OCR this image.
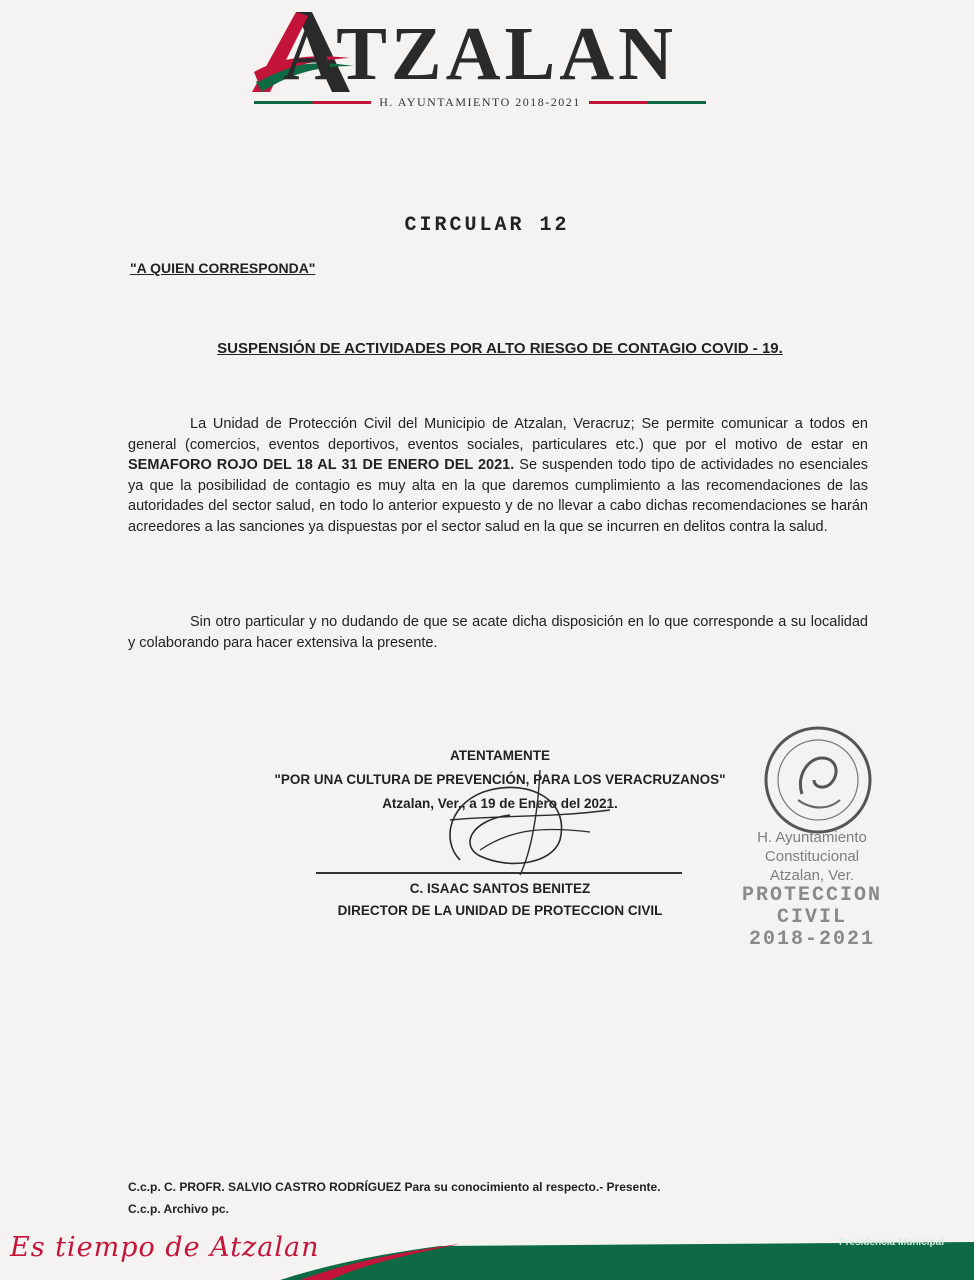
ATZALAN
H. AYUNTAMIENTO 2018-2021
CIRCULAR 12
"A QUIEN CORRESPONDA"
SUSPENSIÓN DE ACTIVIDADES POR ALTO RIESGO DE CONTAGIO COVID - 19.
La Unidad de Protección Civil del Municipio de Atzalan, Veracruz; Se permite comunicar a todos en general (comercios, eventos deportivos, eventos sociales, particulares etc.) que por el motivo de estar en SEMAFORO ROJO DEL 18 AL 31 DE ENERO DEL 2021. Se suspenden todo tipo de actividades no esenciales ya que la posibilidad de contagio es muy alta en la que daremos cumplimiento a las recomendaciones de las autoridades del sector salud, en todo lo anterior expuesto y de no llevar a cabo dichas recomendaciones se harán acreedores a las sanciones ya dispuestas por el sector salud en la que se incurren en delitos contra la salud.
Sin otro particular y no dudando de que se acate dicha disposición en lo que corresponde a su localidad y colaborando para hacer extensiva la presente.
ATENTAMENTE
"POR UNA CULTURA DE PREVENCIÓN, PARA LOS VERACRUZANOS"
Atzalan, Ver., a 19 de Enero del 2021.
C. ISAAC SANTOS BENITEZ
DIRECTOR DE LA UNIDAD DE PROTECCION CIVIL
H. Ayuntamiento
Constitucional
Atzalan, Ver.
PROTECCION
CIVIL
2018-2021
C.c.p. C. PROFR. SALVIO CASTRO RODRÍGUEZ Para su conocimiento al respecto.- Presente.
C.c.p. Archivo pc.
Es tiempo de Atzalan	Presidencia Municipal
